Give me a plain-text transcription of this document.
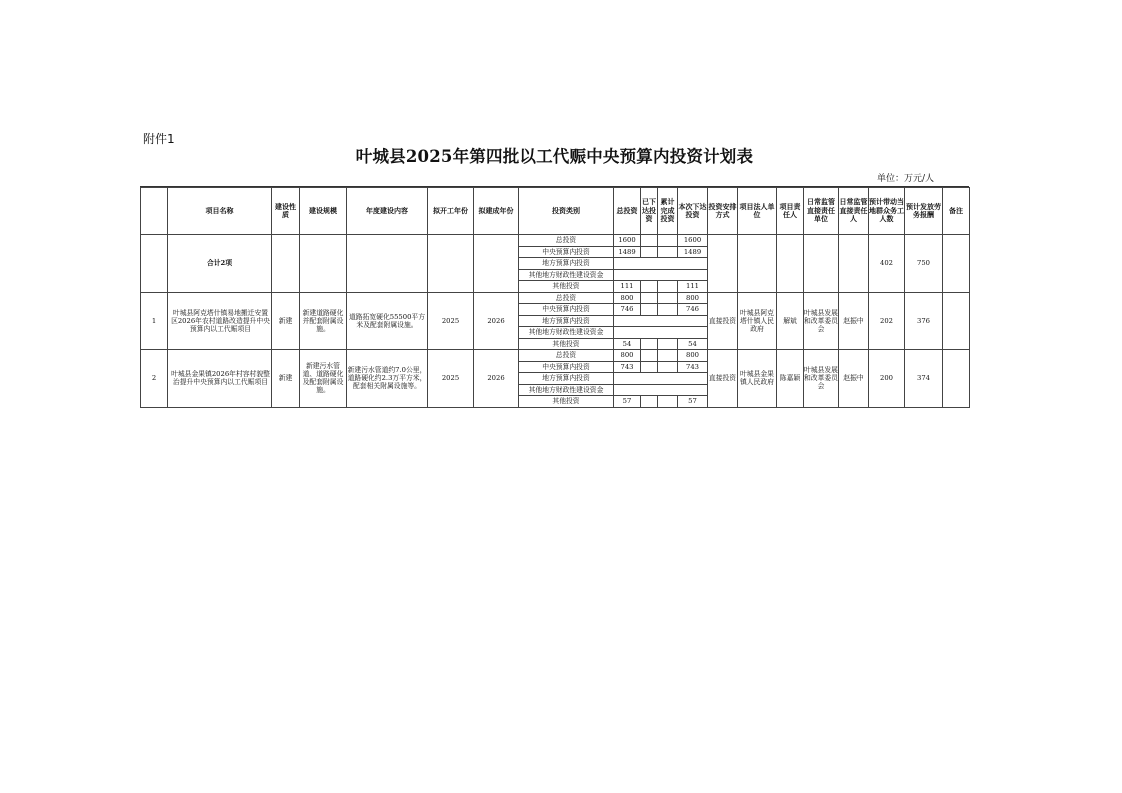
附件1
叶城县2025年第四批以工代赈中央预算内投资计划表
单位：万元/人
	项目名称	建设性质	建设规模	年度建设内容	拟开工年份	拟建成年份	投资类别	总投资	已下达投资	累计完成投资	本次下达投资	投资安排方式	项目法人单位	项目责任人	日常监管直接责任单位	日常监管直接责任人	预计带动当地群众务工人数	预计发放劳务报酬	备注
	合计2项						总投资	1600			1600						402	750	
							中央预算内投资	1489			1489								
							地方预算内投资												
							其他地方财政性建设资金												
							其他投资	111			111								
1	叶城县阿克塔什镇易地搬迁安置区2026年农村道路改造提升中央预算内以工代赈项目	新建	新建道路硬化并配套附属设施。	道路拓宽硬化55500平方米及配套附属设施。	2025	2026	总投资	800			800	直接投资	叶城县阿克塔什镇人民政府	解斌	叶城县发展和改革委员会	赵振中	202	376	
							中央预算内投资	746			746								
							地方预算内投资												
							其他地方财政性建设资金												
							其他投资	54			54								
2	叶城县金果镇2026年村容村貌整治提升中央预算内以工代赈项目	新建	新建污水管道、道路硬化及配套附属设施。	新建污水管道约7.0公里，道路硬化约2.3万平方米，配套相关附属设施等。	2025	2026	总投资	800			800	直接投资	叶城县金果镇人民政府	陈嘉颖	叶城县发展和改革委员会	赵振中	200	374	
							中央预算内投资	743			743								
							地方预算内投资												
							其他地方财政性建设资金												
							其他投资	57			57								
